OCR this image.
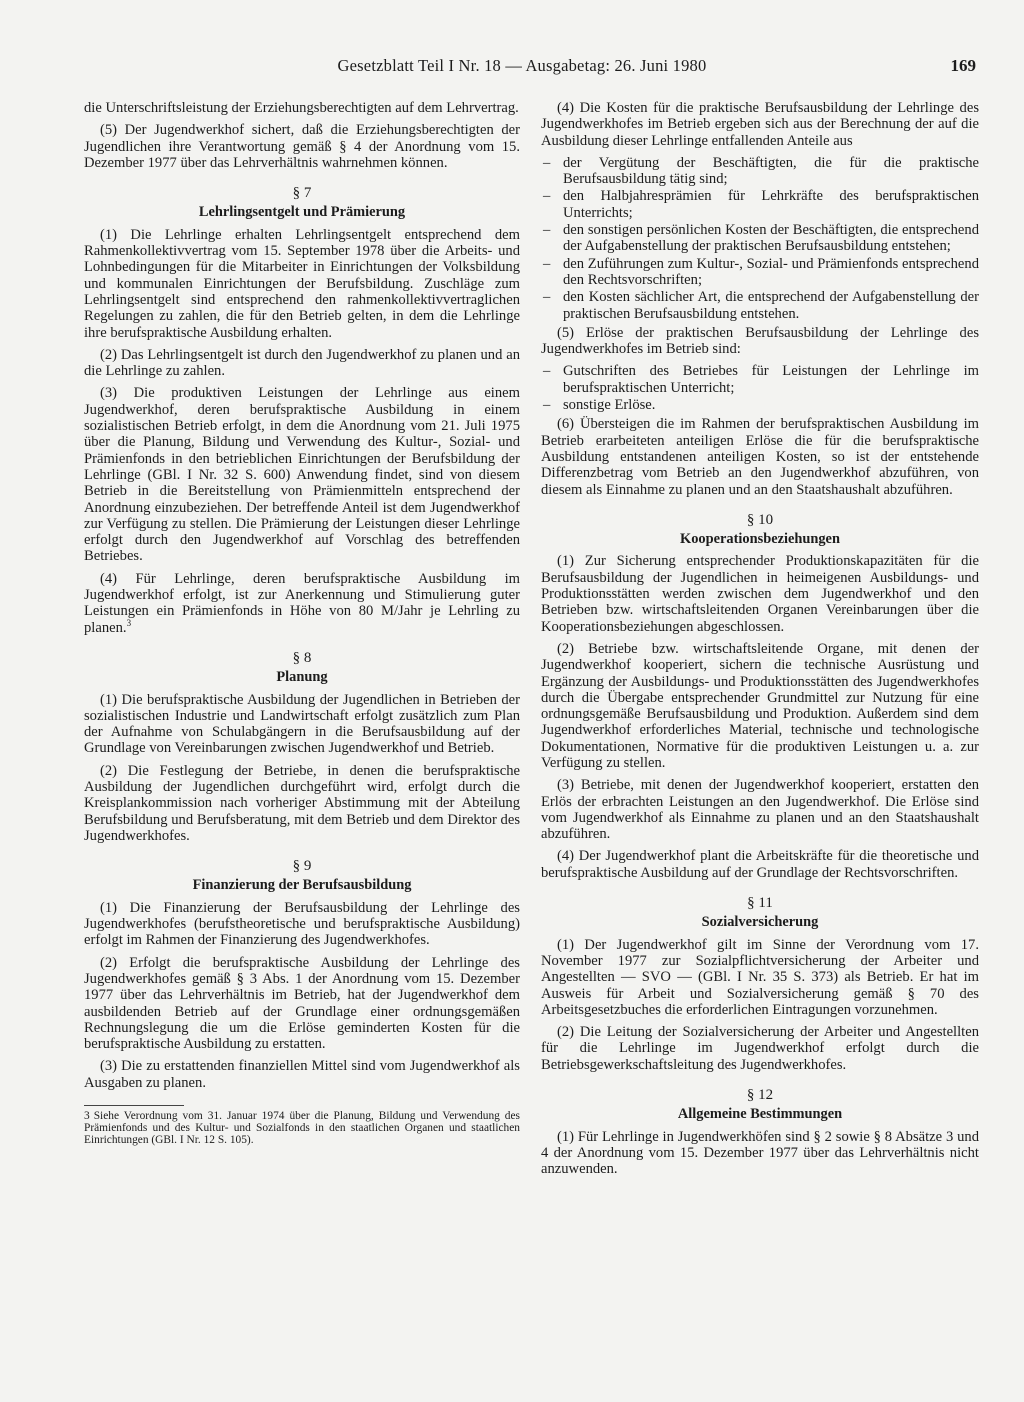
Gesetzblatt Teil I Nr. 18 — Ausgabetag: 26. Juni 1980	169

die Unterschriftsleistung der Erziehungsberechtigten auf dem Lehrvertrag.

(5) Der Jugendwerkhof sichert, daß die Erziehungsberechtigten der Jugendlichen ihre Verantwortung gemäß § 4 der Anordnung vom 15. Dezember 1977 über das Lehrverhältnis wahrnehmen können.

§ 7
Lehrlingsentgelt und Prämierung

(1) Die Lehrlinge erhalten Lehrlingsentgelt entsprechend dem Rahmenkollektivvertrag vom 15. September 1978 über die Arbeits- und Lohnbedingungen für die Mitarbeiter in Einrichtungen der Volksbildung und kommunalen Einrichtungen der Berufsbildung. Zuschläge zum Lehrlingsentgelt sind entsprechend den rahmenkollektivvertraglichen Regelungen zu zahlen, die für den Betrieb gelten, in dem die Lehrlinge ihre berufspraktische Ausbildung erhalten.

(2) Das Lehrlingsentgelt ist durch den Jugendwerkhof zu planen und an die Lehrlinge zu zahlen.

(3) Die produktiven Leistungen der Lehrlinge aus einem Jugendwerkhof, deren berufspraktische Ausbildung in einem sozialistischen Betrieb erfolgt, in dem die Anordnung vom 21. Juli 1975 über die Planung, Bildung und Verwendung des Kultur-, Sozial- und Prämienfonds in den betrieblichen Einrichtungen der Berufsbildung der Lehrlinge (GBl. I Nr. 32 S. 600) Anwendung findet, sind von diesem Betrieb in die Bereitstellung von Prämienmitteln entsprechend der Anordnung einzubeziehen. Der betreffende Anteil ist dem Jugendwerkhof zur Verfügung zu stellen. Die Prämierung der Leistungen dieser Lehrlinge erfolgt durch den Jugendwerkhof auf Vorschlag des betreffenden Betriebes.

(4) Für Lehrlinge, deren berufspraktische Ausbildung im Jugendwerkhof erfolgt, ist zur Anerkennung und Stimulierung guter Leistungen ein Prämienfonds in Höhe von 80 M/Jahr je Lehrling zu planen.$^3$

§ 8
Planung

(1) Die berufspraktische Ausbildung der Jugendlichen in Betrieben der sozialistischen Industrie und Landwirtschaft erfolgt zusätzlich zum Plan der Aufnahme von Schulabgängern in die Berufsausbildung auf der Grundlage von Vereinbarungen zwischen Jugendwerkhof und Betrieb.

(2) Die Festlegung der Betriebe, in denen die berufspraktische Ausbildung der Jugendlichen durchgeführt wird, erfolgt durch die Kreisplankommission nach vorheriger Abstimmung mit der Abteilung Berufsbildung und Berufsberatung, mit dem Betrieb und dem Direktor des Jugendwerkhofes.

§ 9
Finanzierung der Berufsausbildung

(1) Die Finanzierung der Berufsausbildung der Lehrlinge des Jugendwerkhofes (berufstheoretische und berufspraktische Ausbildung) erfolgt im Rahmen der Finanzierung des Jugendwerkhofes.

(2) Erfolgt die berufspraktische Ausbildung der Lehrlinge des Jugendwerkhofes gemäß § 3 Abs. 1 der Anordnung vom 15. Dezember 1977 über das Lehrverhältnis im Betrieb, hat der Jugendwerkhof dem ausbildenden Betrieb auf der Grundlage einer ordnungsgemäßen Rechnungslegung die um die Erlöse geminderten Kosten für die berufspraktische Ausbildung zu erstatten.

(3) Die zu erstattenden finanziellen Mittel sind vom Jugendwerkhof als Ausgaben zu planen.

3 Siehe Verordnung vom 31. Januar 1974 über die Planung, Bildung und Verwendung des Prämienfonds und des Kultur- und Sozialfonds in den staatlichen Organen und staatlichen Einrichtungen (GBl. I Nr. 12 S. 105).

(4) Die Kosten für die praktische Berufsausbildung der Lehrlinge des Jugendwerkhofes im Betrieb ergeben sich aus der Berechnung der auf die Ausbildung dieser Lehrlinge entfallenden Anteile aus

– der Vergütung der Beschäftigten, die für die praktische Berufsausbildung tätig sind;
– den Halbjahresprämien für Lehrkräfte des berufspraktischen Unterrichts;
– den sonstigen persönlichen Kosten der Beschäftigten, die entsprechend der Aufgabenstellung der praktischen Berufsausbildung entstehen;
– den Zuführungen zum Kultur-, Sozial- und Prämienfonds entsprechend den Rechtsvorschriften;
– den Kosten sächlicher Art, die entsprechend der Aufgabenstellung der praktischen Berufsausbildung entstehen.

(5) Erlöse der praktischen Berufsausbildung der Lehrlinge des Jugendwerkhofes im Betrieb sind:

– Gutschriften des Betriebes für Leistungen der Lehrlinge im berufspraktischen Unterricht;
– sonstige Erlöse.

(6) Übersteigen die im Rahmen der berufspraktischen Ausbildung im Betrieb erarbeiteten anteiligen Erlöse die für die berufspraktische Ausbildung entstandenen anteiligen Kosten, so ist der entstehende Differenzbetrag vom Betrieb an den Jugendwerkhof abzuführen, von diesem als Einnahme zu planen und an den Staatshaushalt abzuführen.

§ 10
Kooperationsbeziehungen

(1) Zur Sicherung entsprechender Produktionskapazitäten für die Berufsausbildung der Jugendlichen in heimeigenen Ausbildungs- und Produktionsstätten werden zwischen dem Jugendwerkhof und den Betrieben bzw. wirtschaftsleitenden Organen Vereinbarungen über die Kooperationsbeziehungen abgeschlossen.

(2) Betriebe bzw. wirtschaftsleitende Organe, mit denen der Jugendwerkhof kooperiert, sichern die technische Ausrüstung und Ergänzung der Ausbildungs- und Produktionsstätten des Jugendwerkhofes durch die Übergabe entsprechender Grundmittel zur Nutzung für eine ordnungsgemäße Berufsausbildung und Produktion. Außerdem sind dem Jugendwerkhof erforderliches Material, technische und technologische Dokumentationen, Normative für die produktiven Leistungen u. a. zur Verfügung zu stellen.

(3) Betriebe, mit denen der Jugendwerkhof kooperiert, erstatten den Erlös der erbrachten Leistungen an den Jugendwerkhof. Die Erlöse sind vom Jugendwerkhof als Einnahme zu planen und an den Staatshaushalt abzuführen.

(4) Der Jugendwerkhof plant die Arbeitskräfte für die theoretische und berufspraktische Ausbildung auf der Grundlage der Rechtsvorschriften.

§ 11
Sozialversicherung

(1) Der Jugendwerkhof gilt im Sinne der Verordnung vom 17. November 1977 zur Sozialpflichtversicherung der Arbeiter und Angestellten — SVO — (GBl. I Nr. 35 S. 373) als Betrieb. Er hat im Ausweis für Arbeit und Sozialversicherung gemäß § 70 des Arbeitsgesetzbuches die erforderlichen Eintragungen vorzunehmen.

(2) Die Leitung der Sozialversicherung der Arbeiter und Angestellten für die Lehrlinge im Jugendwerkhof erfolgt durch die Betriebsgewerkschaftsleitung des Jugendwerkhofes.

§ 12
Allgemeine Bestimmungen

(1) Für Lehrlinge in Jugendwerkhöfen sind § 2 sowie § 8 Absätze 3 und 4 der Anordnung vom 15. Dezember 1977 über das Lehrverhältnis nicht anzuwenden.
